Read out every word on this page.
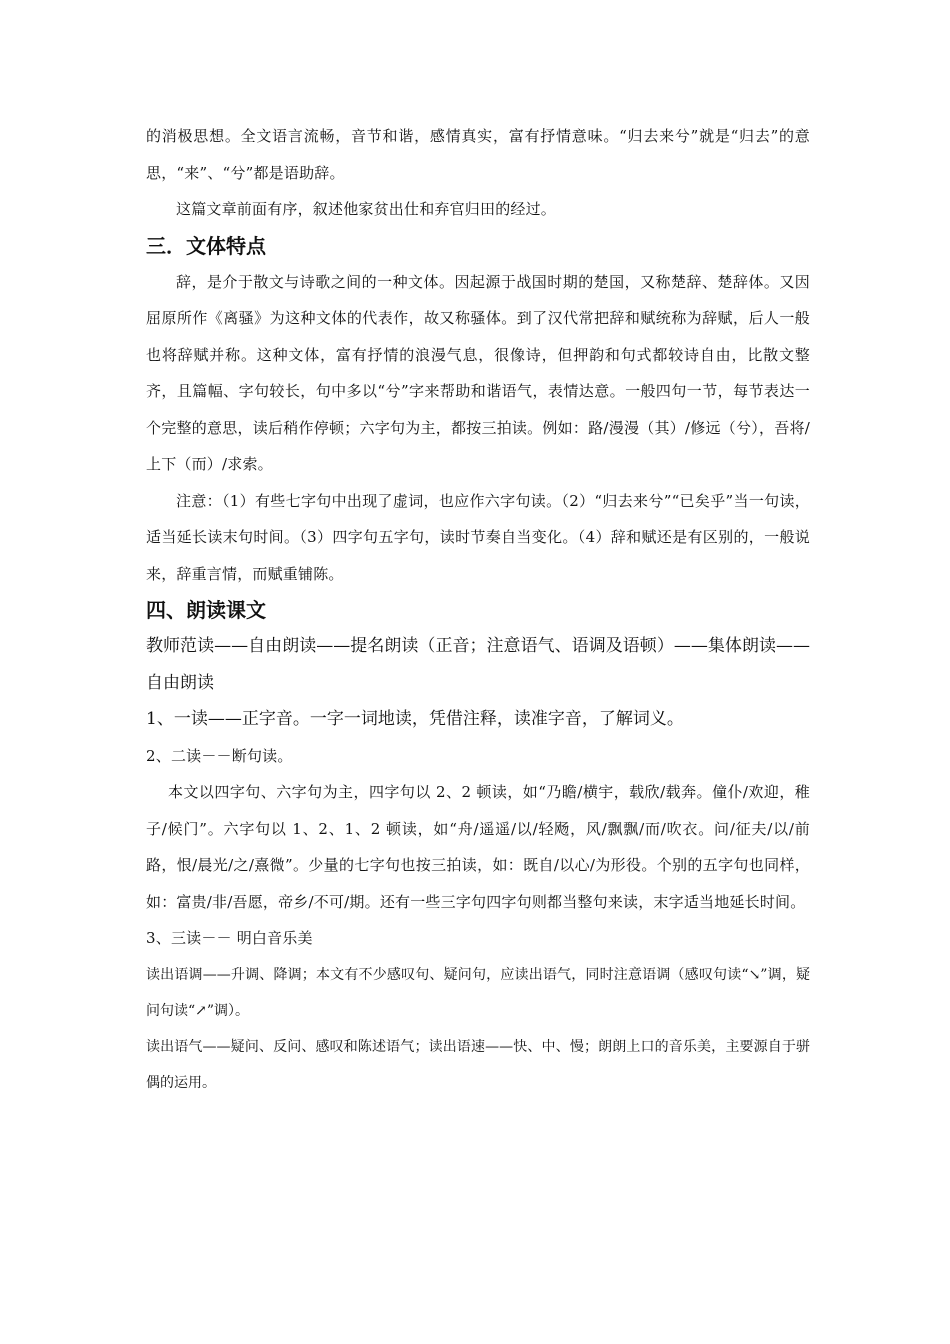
的消极思想。全文语言流畅，音节和谐，感情真实，富有抒情意味。“归去来兮”就是“归去”的意思，“来”、“兮”都是语助辞。

这篇文章前面有序，叙述他家贫出仕和弃官归田的经过。

三．文体特点

辞，是介于散文与诗歌之间的一种文体。因起源于战国时期的楚国，又称楚辞、楚辞体。又因屈原所作《离骚》为这种文体的代表作，故又称骚体。到了汉代常把辞和赋统称为辞赋，后人一般也将辞赋并称。这种文体，富有抒情的浪漫气息，很像诗，但押韵和句式都较诗自由，比散文整齐，且篇幅、字句较长，句中多以“兮”字来帮助和谐语气，表情达意。一般四句一节，每节表达一个完整的意思，读后稍作停顿；六字句为主，都按三拍读。例如：路/漫漫（其）/修远（兮），吾将/上下（而）/求索。

注意：（1）有些七字句中出现了虚词，也应作六字句读。（2）“归去来兮”“已矣乎”当一句读，适当延长读末句时间。（3）四字句五字句，读时节奏自当变化。（4）辞和赋还是有区别的，一般说来，辞重言情，而赋重铺陈。

四、朗读课文

教师范读——自由朗读——提名朗读（正音；注意语气、语调及语顿）——集体朗读——自由朗读

1、一读——正字音。一字一词地读，凭借注释，读准字音，了解词义。

2、二读－－断句读。

本文以四字句、六字句为主，四字句以 2、2 顿读，如“乃瞻/横宇，载欣/载奔。僮仆/欢迎，稚子/候门”。六字句以 1、2、1、2 顿读，如“舟/遥遥/以/轻飏，风/飘飘/而/吹衣。问/征夫/以/前路，恨/晨光/之/熹微”。少量的七字句也按三拍读，如：既自/以心/为形役。个别的五字句也同样，如：富贵/非/吾愿，帝乡/不可/期。还有一些三字句四字句则都当整句来读，末字适当地延长时间。

3、三读－－ 明白音乐美

读出语调——升调、降调；本文有不少感叹句、疑问句，应读出语气，同时注意语调（感叹句读“↘”调，疑问句读“↗”调）。

读出语气——疑问、反问、感叹和陈述语气；读出语速——快、中、慢；朗朗上口的音乐美，主要源自于骈偶的运用。
